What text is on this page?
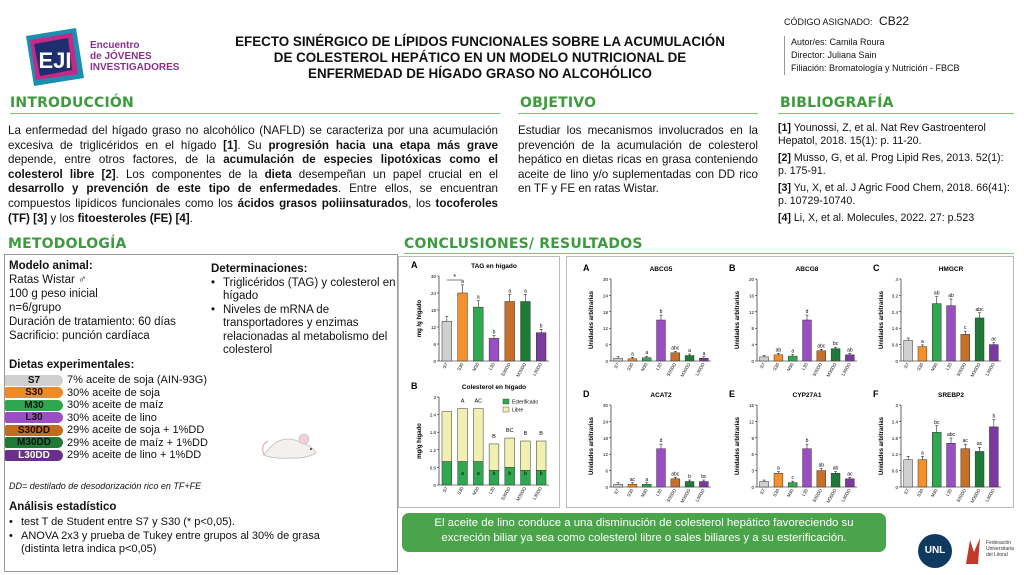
EJI
Encuentro
de JÓVENES
INVESTIGADORES
EFECTO SINÉRGICO DE LÍPIDOS FUNCIONALES SOBRE LA ACUMULACIÓN
DE COLESTEROL HEPÁTICO EN UN MODELO NUTRICIONAL DE
ENFERMEDAD DE HÍGADO GRASO NO ALCOHÓLICO
CÓDIGO ASIGNADO: CB22
Autor/es: Camila Roura
Director: Juliana Sain
Filiación: Bromatología y Nutrición - FBCB
INTRODUCCIÓN	OBJETIVO	BIBLIOGRAFÍA
La enfermedad del hígado graso no alcohólico (NAFLD) se caracteriza por una acumulación excesiva de triglicéridos en el hígado [1]. Su progresión hacia una etapa más grave depende, entre otros factores, de la acumulación de especies lipotóxicas como el colesterol libre [2]. Los componentes de la dieta desempeñan un papel crucial en el desarrollo y prevención de este tipo de enfermedades. Entre ellos, se encuentran compuestos lipídicos funcionales como los ácidos grasos poliinsaturados, los tocoferoles (TF) [3] y los fitoesteroles (FE) [4].
Estudiar los mecanismos involucrados en la prevención de la acumulación de colesterol hepático en dietas ricas en grasa conteniendo aceite de lino y/o suplementadas con DD rico en TF y FE en ratas Wistar.
[1] Younossi, Z, et al. Nat Rev Gastroenterol Hepatol, 2018. 15(1): p. 11-20.
[2] Musso, G, et al. Prog Lipid Res, 2013. 52(1): p. 175-91.
[3] Yu, X, et al. J Agric Food Chem, 2018. 66(41): p. 10729-10740.
[4] Li, X, et al. Molecules, 2022. 27: p.523
METODOLOGÍA	CONCLUSIONES/ RESULTADOS
Modelo animal:
Ratas Wistar ♂
100 g peso inicial
n=6/grupo
Duración de tratamiento: 60 días
Sacrificio: punción cardíaca
Determinaciones:
• Triglicéridos (TAG) y colesterol en hígado
• Niveles de mRNA de transportadores y enzimas relacionadas al metabolismo del colesterol
Dietas experimentales:
S7 7% aceite de soja (AIN-93G)
S30 30% aceite de soja
M30 30% aceite de maíz
L30 30% aceite de lino
S30DD 29% aceite de soja + 1%DD
M30DD 29% aceite de maíz + 1%DD
L30DD 29% aceite de lino + 1%DD
DD= destilado de desodorización rico en TF+FE
Análisis estadístico
• test T de Student entre S7 y S30 (* p<0,05).
• ANOVA 2x3 y prueba de Tukey entre grupos al 30% de grasa (distinta letra indica p<0,05)
A	TAG en hígado
mg /g hígado
0
6
12
18
24
30
S7
a
S30
a
M30
b
L30
a
S30DD
a
M30DD
b
L30DD
*
B	Colesterol en hígado
mg/g hígado
0
0.6
1.2
1.8
2.4
3
S7
a
A
S30
a
AC
M30
b
B
L30
b
BC
S30DD
b
B
M30DD
b
B
L30DD
Esterificado
Libre
A	ABCG5
Unidades arbitrarias
0
6
12
18
24
30
S7
a
S30
a
M30
b
L30
abc
S30DD
a
M30DD
a
L30DD
B	ABCG8
Unidades arbitrarias
0
4
8
12
16
20
S7
ab
S30
a
M30
d
L30
abc
S30DD
bc
M30DD
ab
L30DD
C	HMGCR
Unidades arbitrarias
0
0.8
1.6
2.4
3.2
4
S7
a
S30
ab
M30
ab
L30
c
S30DD
abc
M30DD
ac
L30DD
D	ACAT2
Unidades arbitrarias
0
6
12
18
24
30
S7
ac
S30
a
M30
d
L30
abc
S30DD
b
M30DD
bc
L30DD
E	CYP27A1
Unidades arbitrarias
0
3
6
9
12
15
S7
a
S30
c
M30
b
L30
ab
S30DD
ab
M30DD
ac
L30DD
F	SREBP2
Unidades arbitrarias
0
0.6
1.2
1.8
2.4
3
S7
a
S30
bc
M30
abc
L30
ac
S30DD
ac
M30DD
b
L30DD
El aceite de lino conduce a una disminución de colesterol hepático favoreciendo su excreción biliar ya sea como colesterol libre o sales biliares y a su esterificación.
UNL
Federación Universitaria del Litoral
